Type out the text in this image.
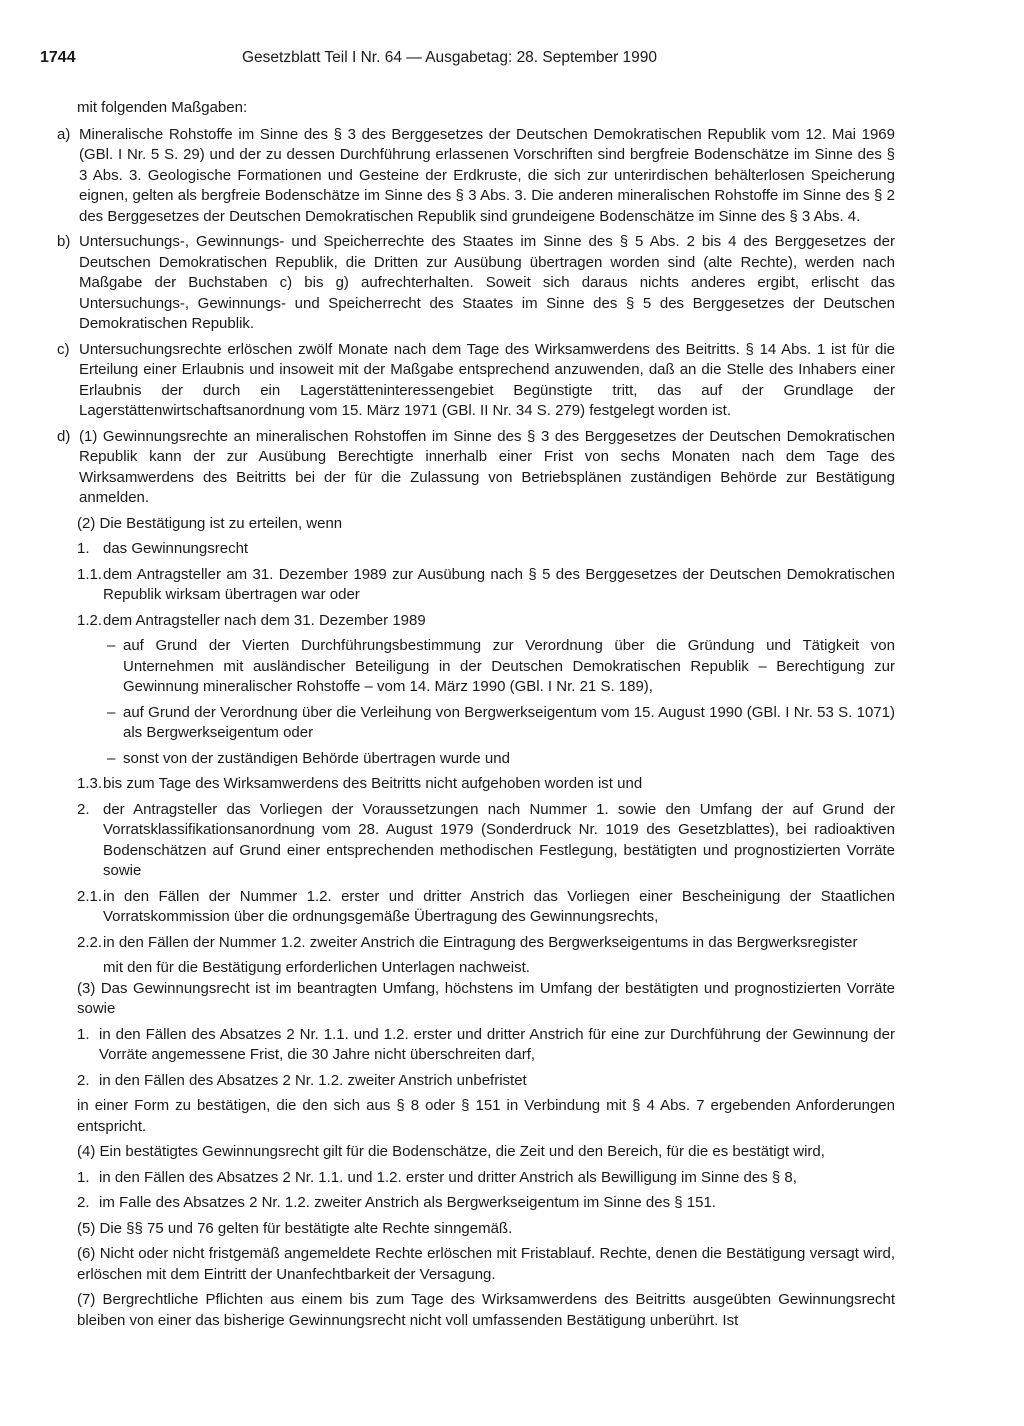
1744	Gesetzblatt Teil I Nr. 64 — Ausgabetag: 28. September 1990
mit folgenden Maßgaben:
a) Mineralische Rohstoffe im Sinne des § 3 des Berggesetzes der Deutschen Demokratischen Republik vom 12. Mai 1969 (GBl. I Nr. 5 S. 29) und der zu dessen Durchführung erlassenen Vorschriften sind bergfreie Bodenschätze im Sinne des § 3 Abs. 3. Geologische Formationen und Gesteine der Erdkruste, die sich zur unterirdischen behälterlosen Speicherung eignen, gelten als bergfreie Bodenschätze im Sinne des § 3 Abs. 3. Die anderen mineralischen Rohstoffe im Sinne des § 2 des Berggesetzes der Deutschen Demokratischen Republik sind grundeigene Bodenschätze im Sinne des § 3 Abs. 4.
b) Untersuchungs-, Gewinnungs- und Speicherrechte des Staates im Sinne des § 5 Abs. 2 bis 4 des Berggesetzes der Deutschen Demokratischen Republik, die Dritten zur Ausübung übertragen worden sind (alte Rechte), werden nach Maßgabe der Buchstaben c) bis g) aufrechterhalten. Soweit sich daraus nichts anderes ergibt, erlischt das Untersuchungs-, Gewinnungs- und Speicherrecht des Staates im Sinne des § 5 des Berggesetzes der Deutschen Demokratischen Republik.
c) Untersuchungsrechte erlöschen zwölf Monate nach dem Tage des Wirksamwerdens des Beitritts. § 14 Abs. 1 ist für die Erteilung einer Erlaubnis und insoweit mit der Maßgabe entsprechend anzuwenden, daß an die Stelle des Inhabers einer Erlaubnis der durch ein Lagerstätteninteressengebiet Begünstigte tritt, das auf der Grundlage der Lagerstättenwirtschaftsanordnung vom 15. März 1971 (GBl. II Nr. 34 S. 279) festgelegt worden ist.
d) (1) Gewinnungsrechte an mineralischen Rohstoffen im Sinne des § 3 des Berggesetzes der Deutschen Demokratischen Republik kann der zur Ausübung Berechtigte innerhalb einer Frist von sechs Monaten nach dem Tage des Wirksamwerdens des Beitritts bei der für die Zulassung von Betriebsplänen zuständigen Behörde zur Bestätigung anmelden.
(2) Die Bestätigung ist zu erteilen, wenn
1. das Gewinnungsrecht
1.1. dem Antragsteller am 31. Dezember 1989 zur Ausübung nach § 5 des Berggesetzes der Deutschen Demokratischen Republik wirksam übertragen war oder
1.2. dem Antragsteller nach dem 31. Dezember 1989
– auf Grund der Vierten Durchführungsbestimmung zur Verordnung über die Gründung und Tätigkeit von Unternehmen mit ausländischer Beteiligung in der Deutschen Demokratischen Republik – Berechtigung zur Gewinnung mineralischer Rohstoffe – vom 14. März 1990 (GBl. I Nr. 21 S. 189),
– auf Grund der Verordnung über die Verleihung von Bergwerkseigentum vom 15. August 1990 (GBl. I Nr. 53 S. 1071) als Bergwerkseigentum oder
– sonst von der zuständigen Behörde übertragen wurde und
1.3. bis zum Tage des Wirksamwerdens des Beitritts nicht aufgehoben worden ist und
2. der Antragsteller das Vorliegen der Voraussetzungen nach Nummer 1. sowie den Umfang der auf Grund der Vorratsklassifikationsanordnung vom 28. August 1979 (Sonderdruck Nr. 1019 des Gesetzblattes), bei radioaktiven Bodenschätzen auf Grund einer entsprechenden methodischen Festlegung, bestätigten und prognostizierten Vorräte sowie
2.1. in den Fällen der Nummer 1.2. erster und dritter Anstrich das Vorliegen einer Bescheinigung der Staatlichen Vorratskommission über die ordnungsgemäße Übertragung des Gewinnungsrechts,
2.2. in den Fällen der Nummer 1.2. zweiter Anstrich die Eintragung des Bergwerkseigentums in das Bergwerksregister
mit den für die Bestätigung erforderlichen Unterlagen nachweist.
(3) Das Gewinnungsrecht ist im beantragten Umfang, höchstens im Umfang der bestätigten und prognostizierten Vorräte sowie
1. in den Fällen des Absatzes 2 Nr. 1.1. und 1.2. erster und dritter Anstrich für eine zur Durchführung der Gewinnung der Vorräte angemessene Frist, die 30 Jahre nicht überschreiten darf,
2. in den Fällen des Absatzes 2 Nr. 1.2. zweiter Anstrich unbefristet
in einer Form zu bestätigen, die den sich aus § 8 oder § 151 in Verbindung mit § 4 Abs. 7 ergebenden Anforderungen entspricht.
(4) Ein bestätigtes Gewinnungsrecht gilt für die Bodenschätze, die Zeit und den Bereich, für die es bestätigt wird,
1. in den Fällen des Absatzes 2 Nr. 1.1. und 1.2. erster und dritter Anstrich als Bewilligung im Sinne des § 8,
2. im Falle des Absatzes 2 Nr. 1.2. zweiter Anstrich als Bergwerkseigentum im Sinne des § 151.
(5) Die §§ 75 und 76 gelten für bestätigte alte Rechte sinngemäß.
(6) Nicht oder nicht fristgemäß angemeldete Rechte erlöschen mit Fristablauf. Rechte, denen die Bestätigung versagt wird, erlöschen mit dem Eintritt der Unanfechtbarkeit der Versagung.
(7) Bergrechtliche Pflichten aus einem bis zum Tage des Wirksamwerdens des Beitritts ausgeübten Gewinnungsrecht bleiben von einer das bisherige Gewinnungsrecht nicht voll umfassenden Bestätigung unberührt. Ist
